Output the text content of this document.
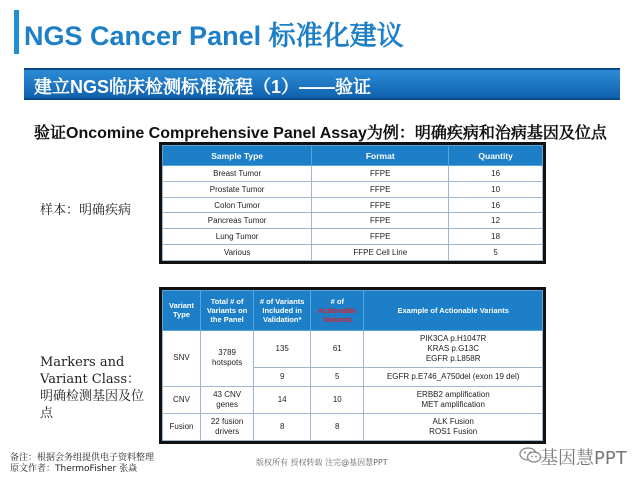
NGS Cancer Panel 标准化建议
建立NGS临床检测标准流程（1）——验证
验证Oncomine Comprehensive Panel Assay为例：明确疾病和治病基因及位点
样本：明确疾病
Markers and Variant Class：明确检测基因及位点
Sample Type	Format	Quantity
Breast Tumor	FFPE	16
Prostate Tumor	FFPE	10
Colon Tumor	FFPE	16
Pancreas Tumor	FFPE	12
Lung Tumor	FFPE	18
Various	FFPE Cell Line	5
Variant Type	Total # of Variants on the Panel	# of Variants Included in Validation*	# of Actionable Variants	Example of Actionable Variants
SNV	3789 hotspots	135	61	PIK3CA p.H1047R
KRAS p.G13C
EGFR p.L858R

		9	5	EGFR p.E746_A750del (exon 19 del)
CNV	43 CNV genes	14	10	ERBB2 amplification
MET amplification

Fusion	22 fusion drivers	8	8	ALK Fusion
ROS1 Fusion
备注：根据会务组提供电子资料整理
原文作者：ThermoFisher 张焱
版权所有 授权转载 注完@基因慧PPT	基因慧PPT
